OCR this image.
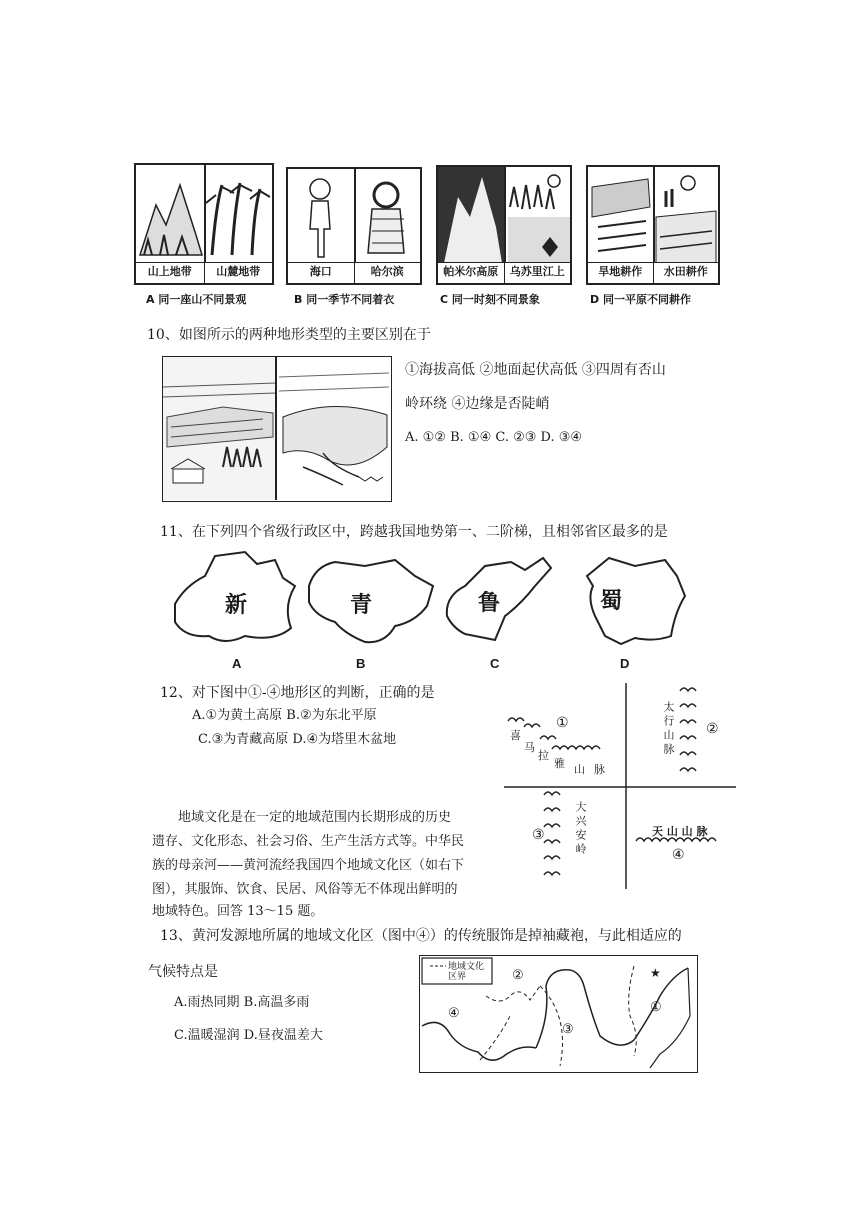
山上地带	山麓地带	海口	哈尔滨	帕米尔高原	乌苏里江上	旱地耕作	水田耕作
A 同一座山不同景观	B 同一季节不同着衣	C 同一时刻不同景象	D 同一平原不同耕作
10、如图所示的两种地形类型的主要区别在于
①海拔高低 ②地面起伏高低 ③四周有否山
岭环绕 ④边缘是否陡峭
A. ①② B. ①④ C. ②③ D. ③④
11、在下列四个省级行政区中，跨越我国地势第一、二阶梯，且相邻省区最多的是
新	青	鲁	蜀
A	B	C	D
12、对下图中①-④地形区的判断，正确的是
A.①为黄土高原 B.②为东北平原
C.③为青藏高原 D.④为塔里木盆地
①	②
③
④
喜
马
拉
雅 山 脉
太行山脉
大兴安岭	天 山 山 脉
地域文化是在一定的地域范围内长期形成的历史
遗存、文化形态、社会习俗、生产生活方式等。中华民
族的母亲河——黄河流经我国四个地域文化区（如右下
图），其服饰、饮食、民居、风俗等无不体现出鲜明的
地域特色。回答 13～15 题。
13、黄河发源地所属的地域文化区（图中④）的传统服饰是掉袖藏袍，与此相适应的
气候特点是
A.雨热同期 B.高温多雨
C.温暖湿润 D.昼夜温差大
地域文化区界
①
②
③
④
★
